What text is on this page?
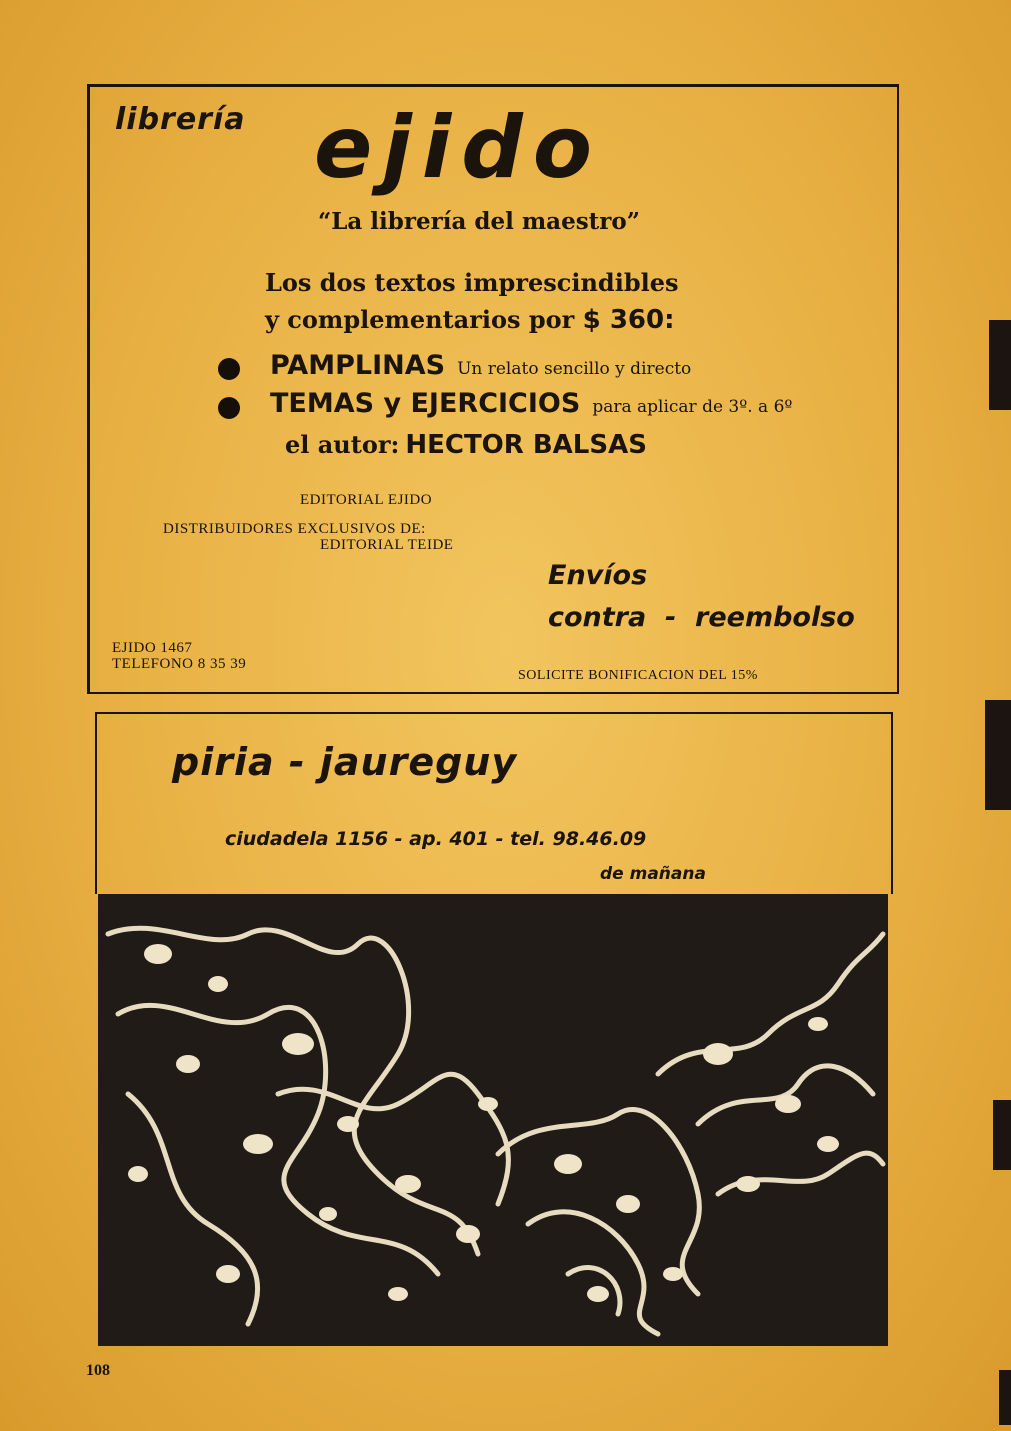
librería ejido
“La librería del maestro”
Los dos textos imprescindibles
y complementarios por $ 360:
PAMPLINAS Un relato sencillo y directo
TEMAS y EJERCICIOS para aplicar de 3º. a 6º
el autor: HECTOR BALSAS
EDITORIAL EJIDO
DISTRIBUIDORES EXCLUSIVOS DE:
EDITORIAL TEIDE
Envíos
contra  -  reembolso
EJIDO 1467
TELEFONO 8 35 39
SOLICITE BONIFICACION DEL 15%
piria - jaureguy
ciudadela 1156 - ap. 401 - tel. 98.46.09
de mañana
108
